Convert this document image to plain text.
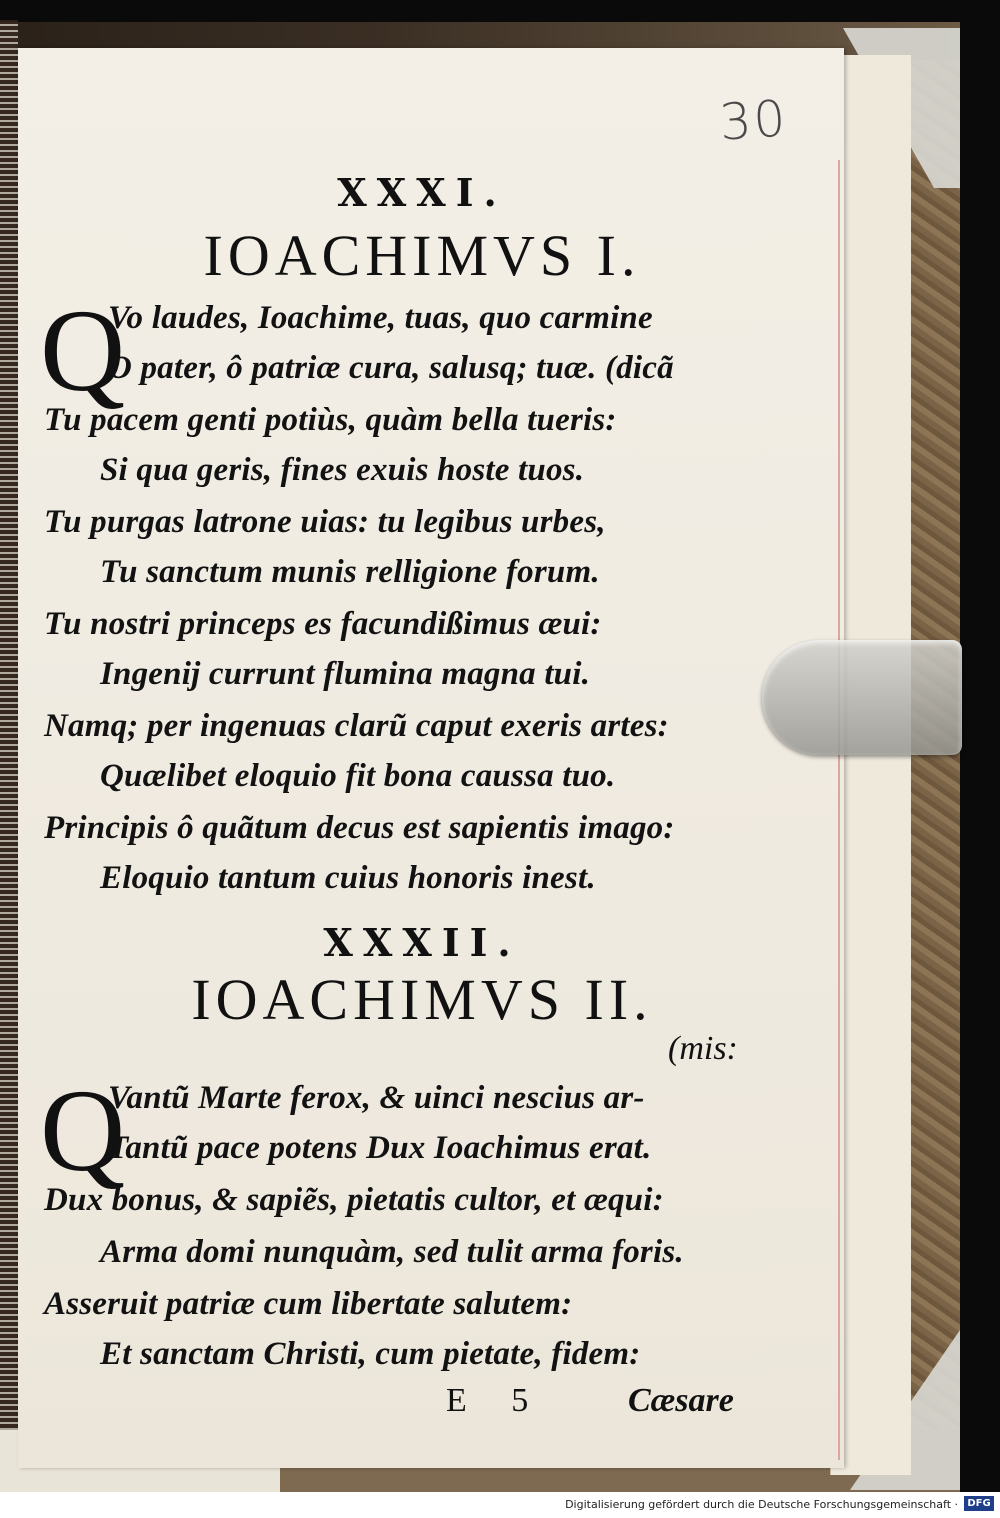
30
XXXI.
IOACHIMVS I.
Q
Vo laudes, Ioachime, tuas, quo carmine
O pater, ô patriæ cura, salusq; tuæ. (dicã
Tu pacem genti potiùs, quàm bella tueris:
Si qua geris, fines exuis hoste tuos.
Tu purgas latrone uias: tu legibus urbes,
Tu sanctum munis relligione forum.
Tu nostri princeps es facundißimus æui:
Ingenij currunt flumina magna tui.
Namq; per ingenuas clarũ caput exeris artes:
Quælibet eloquio fit bona caussa tuo.
Principis ô quãtum decus est sapientis imago:
Eloquio tantum cuius honoris inest.
XXXII.
IOACHIMVS II.
(mis:
Q
Vantũ Marte ferox, & uinci nescius ar-
Tantũ pace potens Dux Ioachimus erat.
Dux bonus, & sapiẽs, pietatis cultor, et æqui:
Arma domi nunquàm, sed tulit arma foris.
Asseruit patriæ cum libertate salutem:
Et sanctam Christi, cum pietate, fidem:
E 5 Cæsare
Digitalisierung gefördert durch die Deutsche Forschungsgemeinschaft · DFG
